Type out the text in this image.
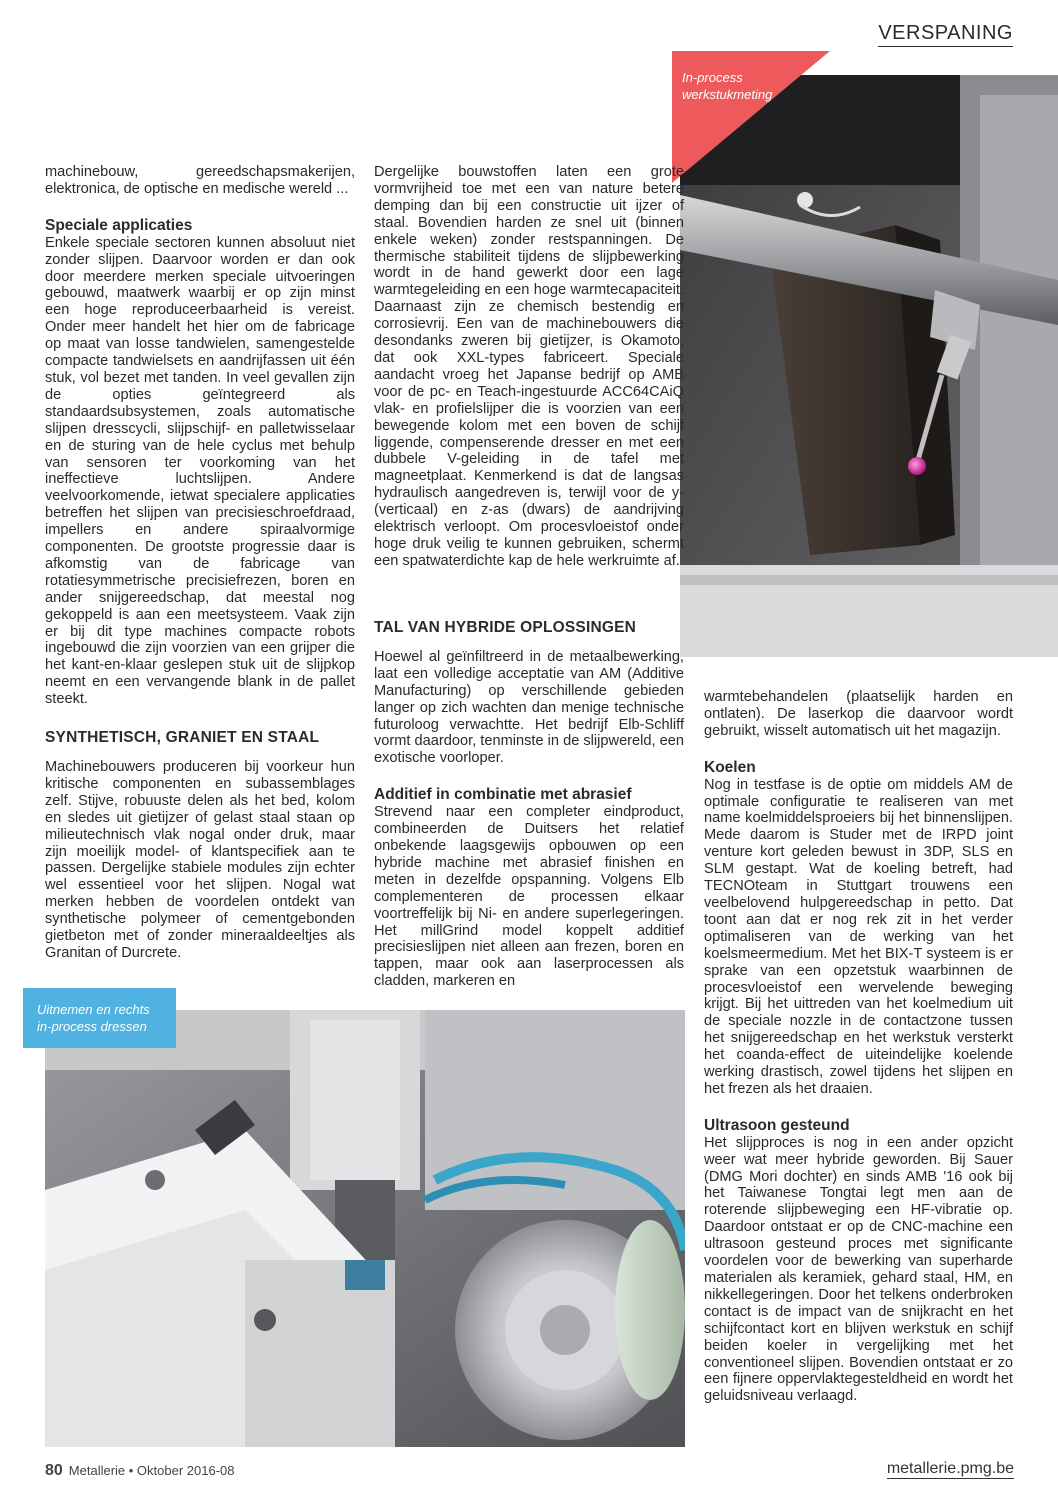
VERSPANING
In-process
werkstukmeting

machinebouw, gereedschapsmakerijen, elektronica, de optische en medische wereld ...

Speciale applicaties

Enkele speciale sectoren kunnen absoluut niet zonder slijpen. Daarvoor worden er dan ook door meerdere merken speciale uitvoeringen gebouwd, maatwerk waarbij er op zijn minst een hoge reproduceerbaarheid is vereist. Onder meer handelt het hier om de fabricage op maat van losse tandwielen, samengestelde compacte tandwielsets en aandrijfassen uit één stuk, vol bezet met tanden. In veel gevallen zijn de opties geïntegreerd als standaardsubsystemen, zoals automatische slijpen dresscycli, slijpschijf- en palletwisselaar en de sturing van de hele cyclus met behulp van sensoren ter voorkoming van het ineffectieve luchtslijpen. Andere veelvoorkomende, ietwat specialere applicaties betreffen het slijpen van precisieschroefdraad, impellers en andere spiraalvormige componenten. De grootste progressie daar is afkomstig van de fabricage van rotatiesymmetrische precisiefrezen, boren en ander snijgereedschap, dat meestal nog gekoppeld is aan een meetsysteem. Vaak zijn er bij dit type machines compacte robots ingebouwd die zijn voorzien van een grijper die het kant-en-klaar geslepen stuk uit de slijpkop neemt en een vervangende blank in de pallet steekt.

SYNTHETISCH, GRANIET EN STAAL

Machinebouwers produceren bij voorkeur hun kritische componenten en subassemblages zelf. Stijve, robuuste delen als het bed, kolom en sledes uit gietijzer of gelast staal staan op milieutechnisch vlak nogal onder druk, maar zijn moeilijk model- of klantspecifiek aan te passen. Dergelijke stabiele modules zijn echter wel essentieel voor het slijpen. Nogal wat merken hebben de voordelen ontdekt van synthetische polymeer of cementgebonden gietbeton met of zonder mineraaldeeltjes als Granitan of Durcrete.

Dergelijke bouwstoffen laten een grote vormvrijheid toe met een van nature betere demping dan bij een constructie uit ijzer of staal. Bovendien harden ze snel uit (binnen enkele weken) zonder restspanningen. De thermische stabiliteit tijdens de slijpbewerking wordt in de hand gewerkt door een lage warmtegeleiding en een hoge warmtecapaciteit. Daarnaast zijn ze chemisch bestendig en corrosievrij. Een van de machinebouwers die desondanks zweren bij gietijzer, is Okamoto, dat ook XXL-types fabriceert. Speciale aandacht vroeg het Japanse bedrijf op AMB voor de pc- en Teach-ingestuurde ACC64CAiQ vlak- en profielslijper die is voorzien van een bewegende kolom met een boven de schijf liggende, compenserende dresser en met een dubbele V-geleiding in de tafel met magneetplaat. Kenmerkend is dat de langsas hydraulisch aangedreven is, terwijl voor de y- (verticaal) en z-as (dwars) de aandrijving elektrisch verloopt. Om procesvloeistof onder hoge druk veilig te kunnen gebruiken, schermt een spatwaterdichte kap de hele werkruimte af.

TAL VAN HYBRIDE OPLOSSINGEN

Hoewel al geïnfiltreerd in de metaalbewerking, laat een volledige acceptatie van AM (Additive Manufacturing) op verschillende gebieden langer op zich wachten dan menige technische futuroloog verwachtte. Het bedrijf Elb-Schliff vormt daardoor, tenminste in de slijpwereld, een exotische voorloper.

Additief in combinatie met abrasief

Strevend naar een completer eindproduct, combineerden de Duitsers het relatief onbekende laagsgewijs opbouwen op een hybride machine met abrasief finishen en meten in dezelfde opspanning. Volgens Elb complementeren de processen elkaar voortreffelijk bij Ni- en andere superlegeringen. Het millGrind model koppelt additief precisieslijpen niet alleen aan frezen, boren en tappen, maar ook aan laserprocessen als cladden, markeren en

warmtebehandelen (plaatselijk harden en ontlaten). De laserkop die daarvoor wordt gebruikt, wisselt automatisch uit het magazijn.

Koelen

Nog in testfase is de optie om middels AM de optimale configuratie te realiseren van met name koelmiddelsproeiers bij het binnenslijpen. Mede daarom is Studer met de IRPD joint venture kort geleden bewust in 3DP, SLS en SLM gestapt. Wat de koeling betreft, had TECNOteam in Stuttgart trouwens een veelbelovend hulpgereedschap in petto. Dat toont aan dat er nog rek zit in het verder optimaliseren van de werking van het koelsmeermedium. Met het BIX-T systeem is er sprake van een opzetstuk waarbinnen de procesvloeistof een wervelende beweging krijgt. Bij het uittreden van het koelmedium uit de speciale nozzle in de contactzone tussen het snijgereedschap en het werkstuk versterkt het coanda-effect de uiteindelijke koelende werking drastisch, zowel tijdens het slijpen en het frezen als het draaien.

Ultrasoon gesteund

Het slijpproces is nog in een ander opzicht weer wat meer hybride geworden. Bij Sauer (DMG Mori dochter) en sinds AMB '16 ook bij het Taiwanese Tongtai legt men aan de roterende slijpbeweging een HF-vibratie op. Daardoor ontstaat er op de CNC-machine een ultrasoon gesteund proces met significante voordelen voor de bewerking van superharde materialen als keramiek, gehard staal, HM, en nikkellegeringen. Door het telkens onderbroken contact is de impact van de snijkracht en het schijfcontact kort en blijven werkstuk en schijf beiden koeler in vergelijking met het conventioneel slijpen. Bovendien ontstaat er zo een fijnere oppervlaktegesteldheid en wordt het geluidsniveau verlaagd.

Uitnemen en rechts
in-process dressen
80 Metallerie • Oktober 2016-08	metallerie.pmg.be
